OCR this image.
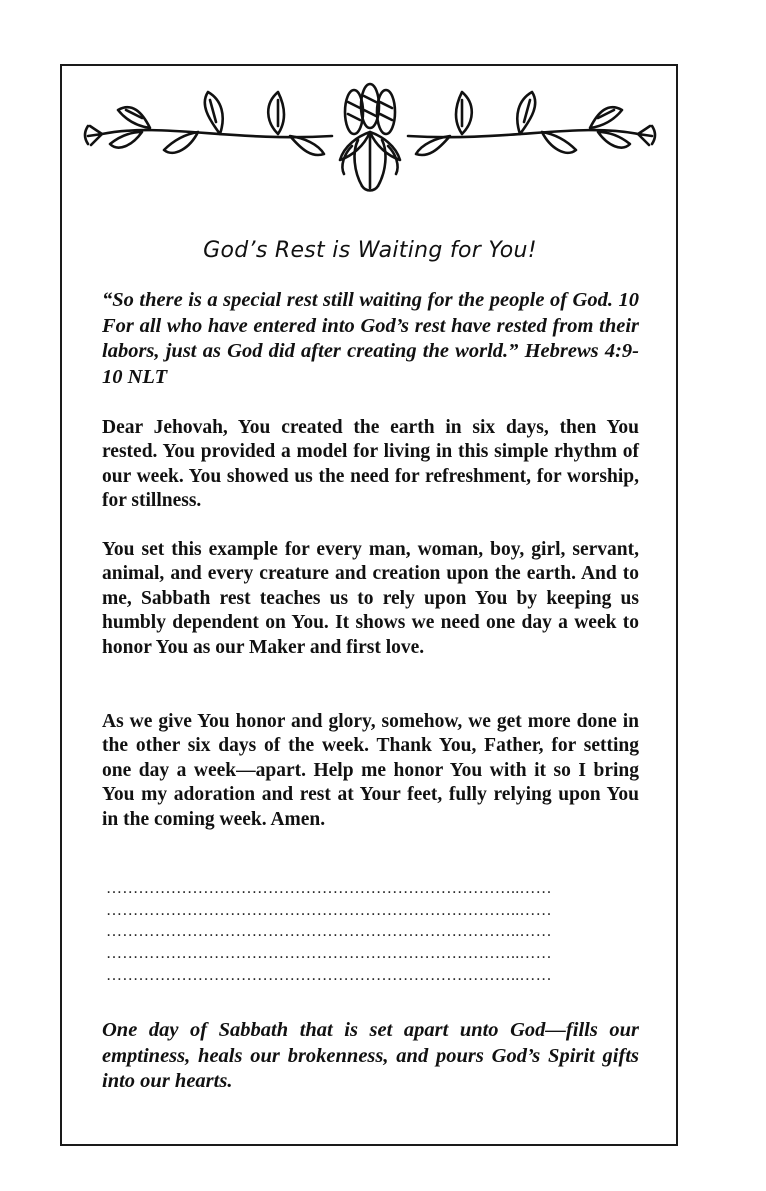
God’s Rest is Waiting for You!

“So there is a special rest still waiting for the people of God. 10 For all who have entered into God’s rest have rested from their labors, just as God did after creating the world.” Hebrews 4:9-10 NLT

Dear Jehovah, You created the earth in six days, then You rested. You provided a model for living in this simple rhythm of our week. You showed us the need for refreshment, for worship, for stillness.

You set this example for every man, woman, boy, girl, servant, animal, and every creature and creation upon the earth. And to me, Sabbath rest teaches us to rely upon You by keeping us humbly dependent on You. It shows we need one day a week to honor You as our Maker and first love.

As we give You honor and glory, somehow, we get more done in the other six days of the week. Thank You, Father, for setting one day a week—apart. Help me honor You with it so I bring You my adoration and rest at Your feet, fully relying upon You in the coming week. Amen.

…………………………………………………………………..……
…………………………………………………………………..……
…………………………………………………………………..……
…………………………………………………………………..……
…………………………………………………………………..……

One day of Sabbath that is set apart unto God—fills our emptiness, heals our brokenness, and pours God’s Spirit gifts into our hearts.
